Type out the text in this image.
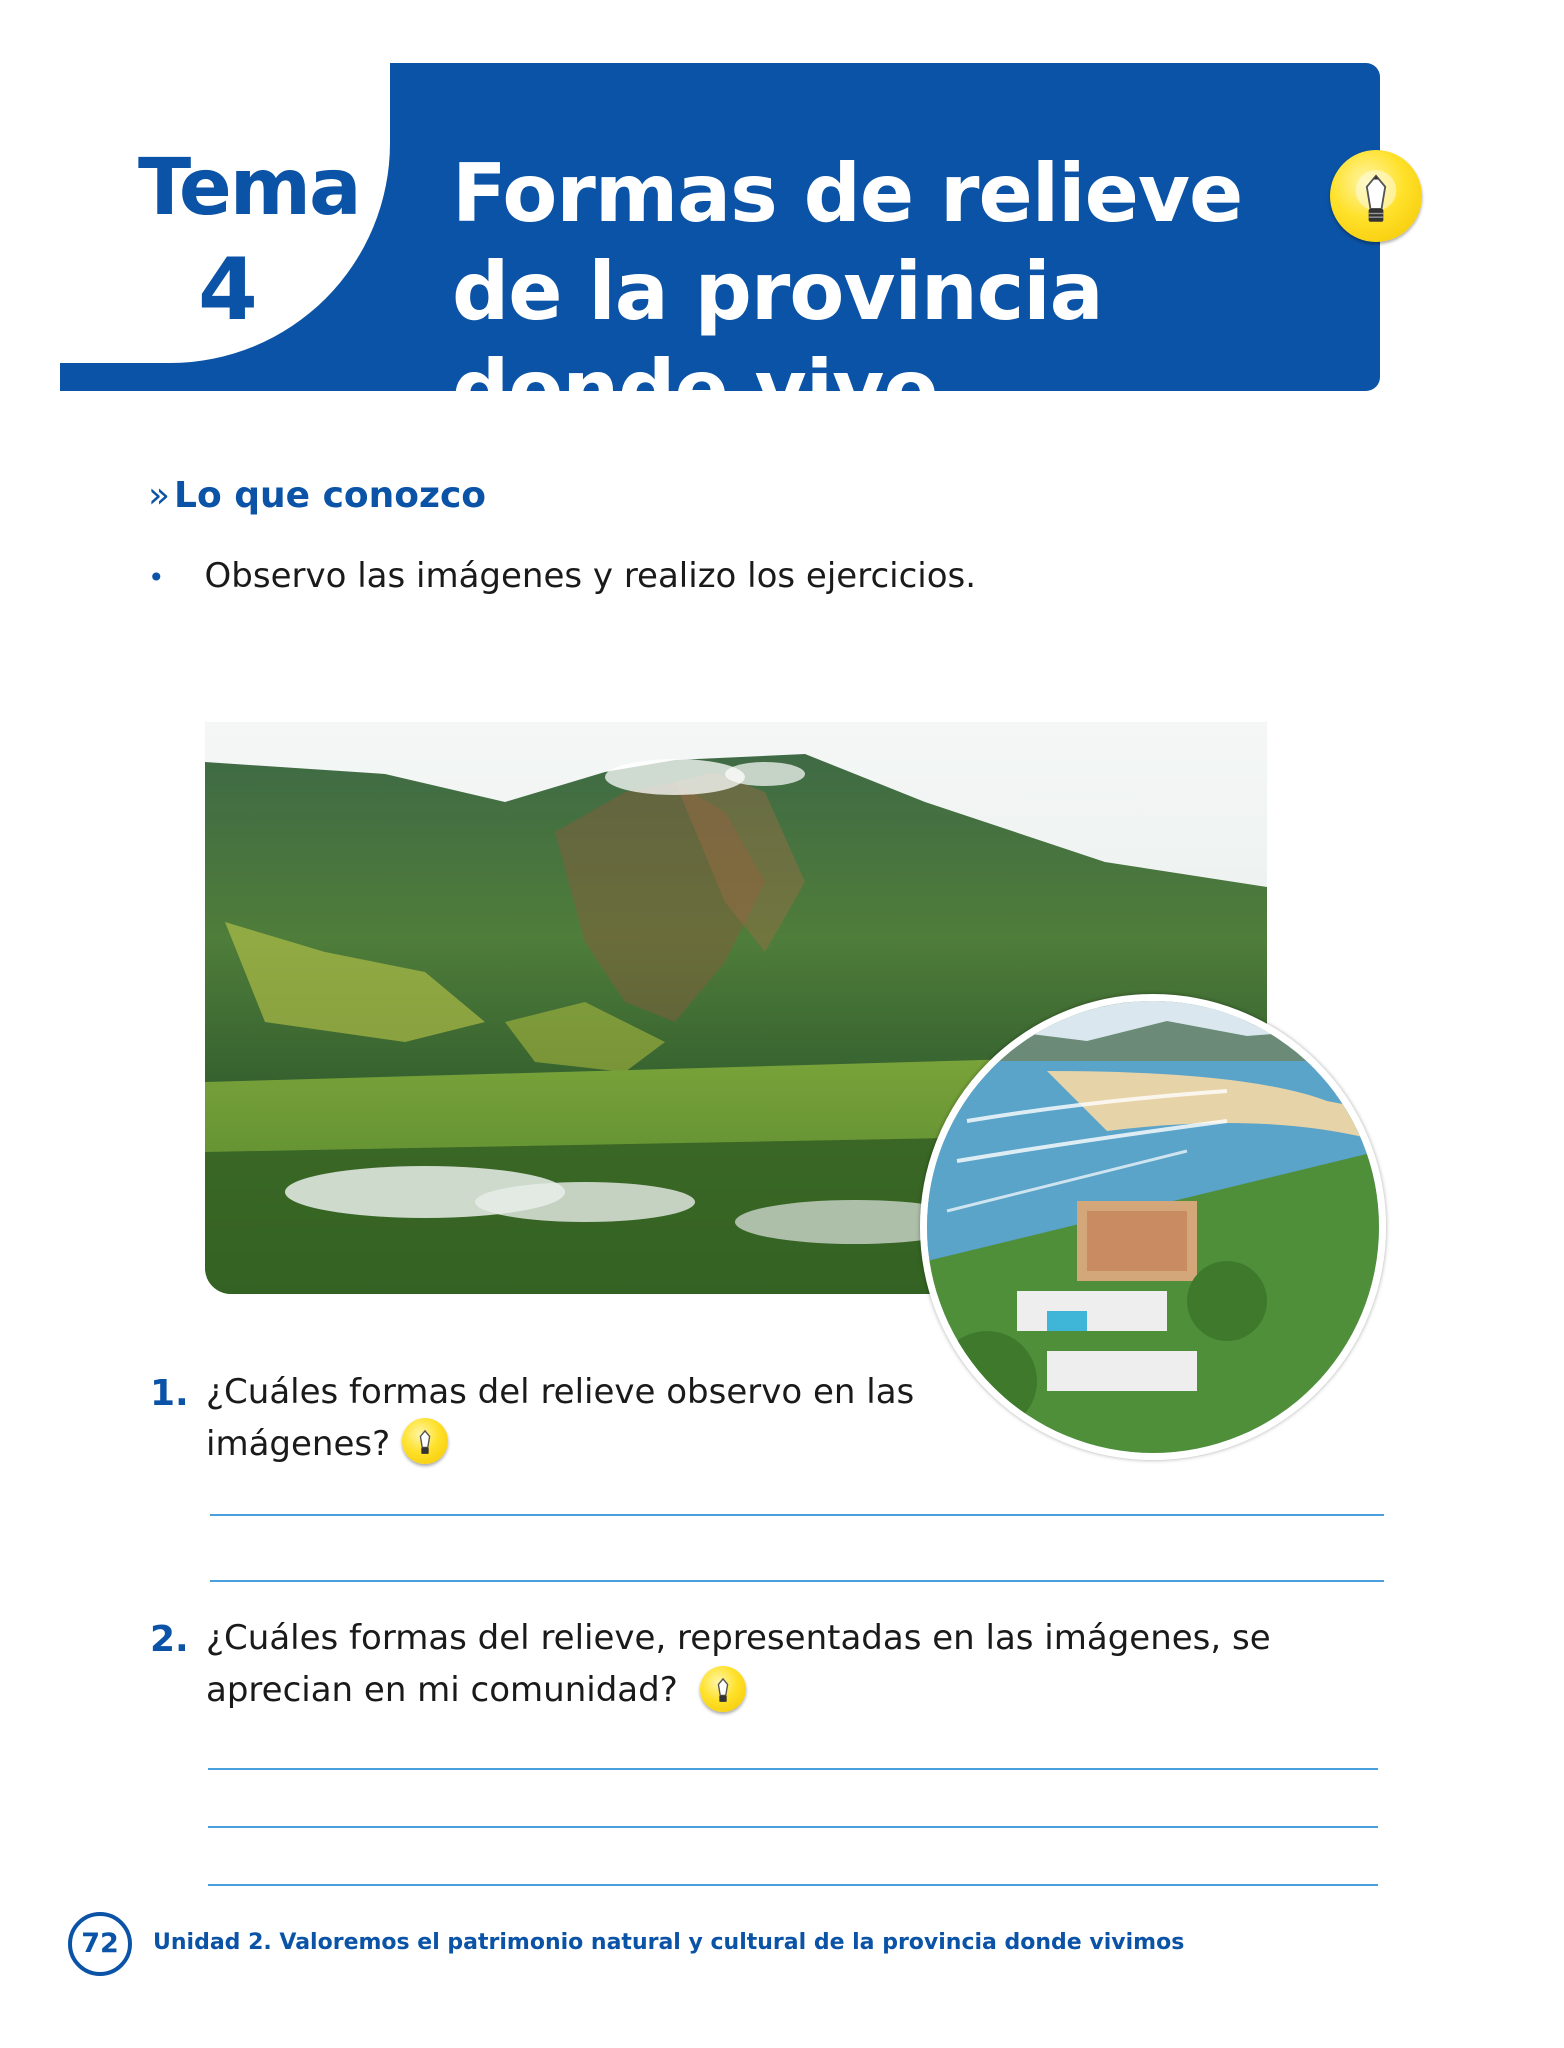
Tema
4
Formas de relieve
de la provincia
donde vivo
» Lo que conozco

• Observo las imágenes y realizo los ejercicios.

1. ¿Cuáles formas del relieve observo en las
imágenes?

2. ¿Cuáles formas del relieve, representadas en las imágenes, se
aprecian en mi comunidad?

72	Unidad 2. Valoremos el patrimonio natural y cultural de la provincia donde vivimos
